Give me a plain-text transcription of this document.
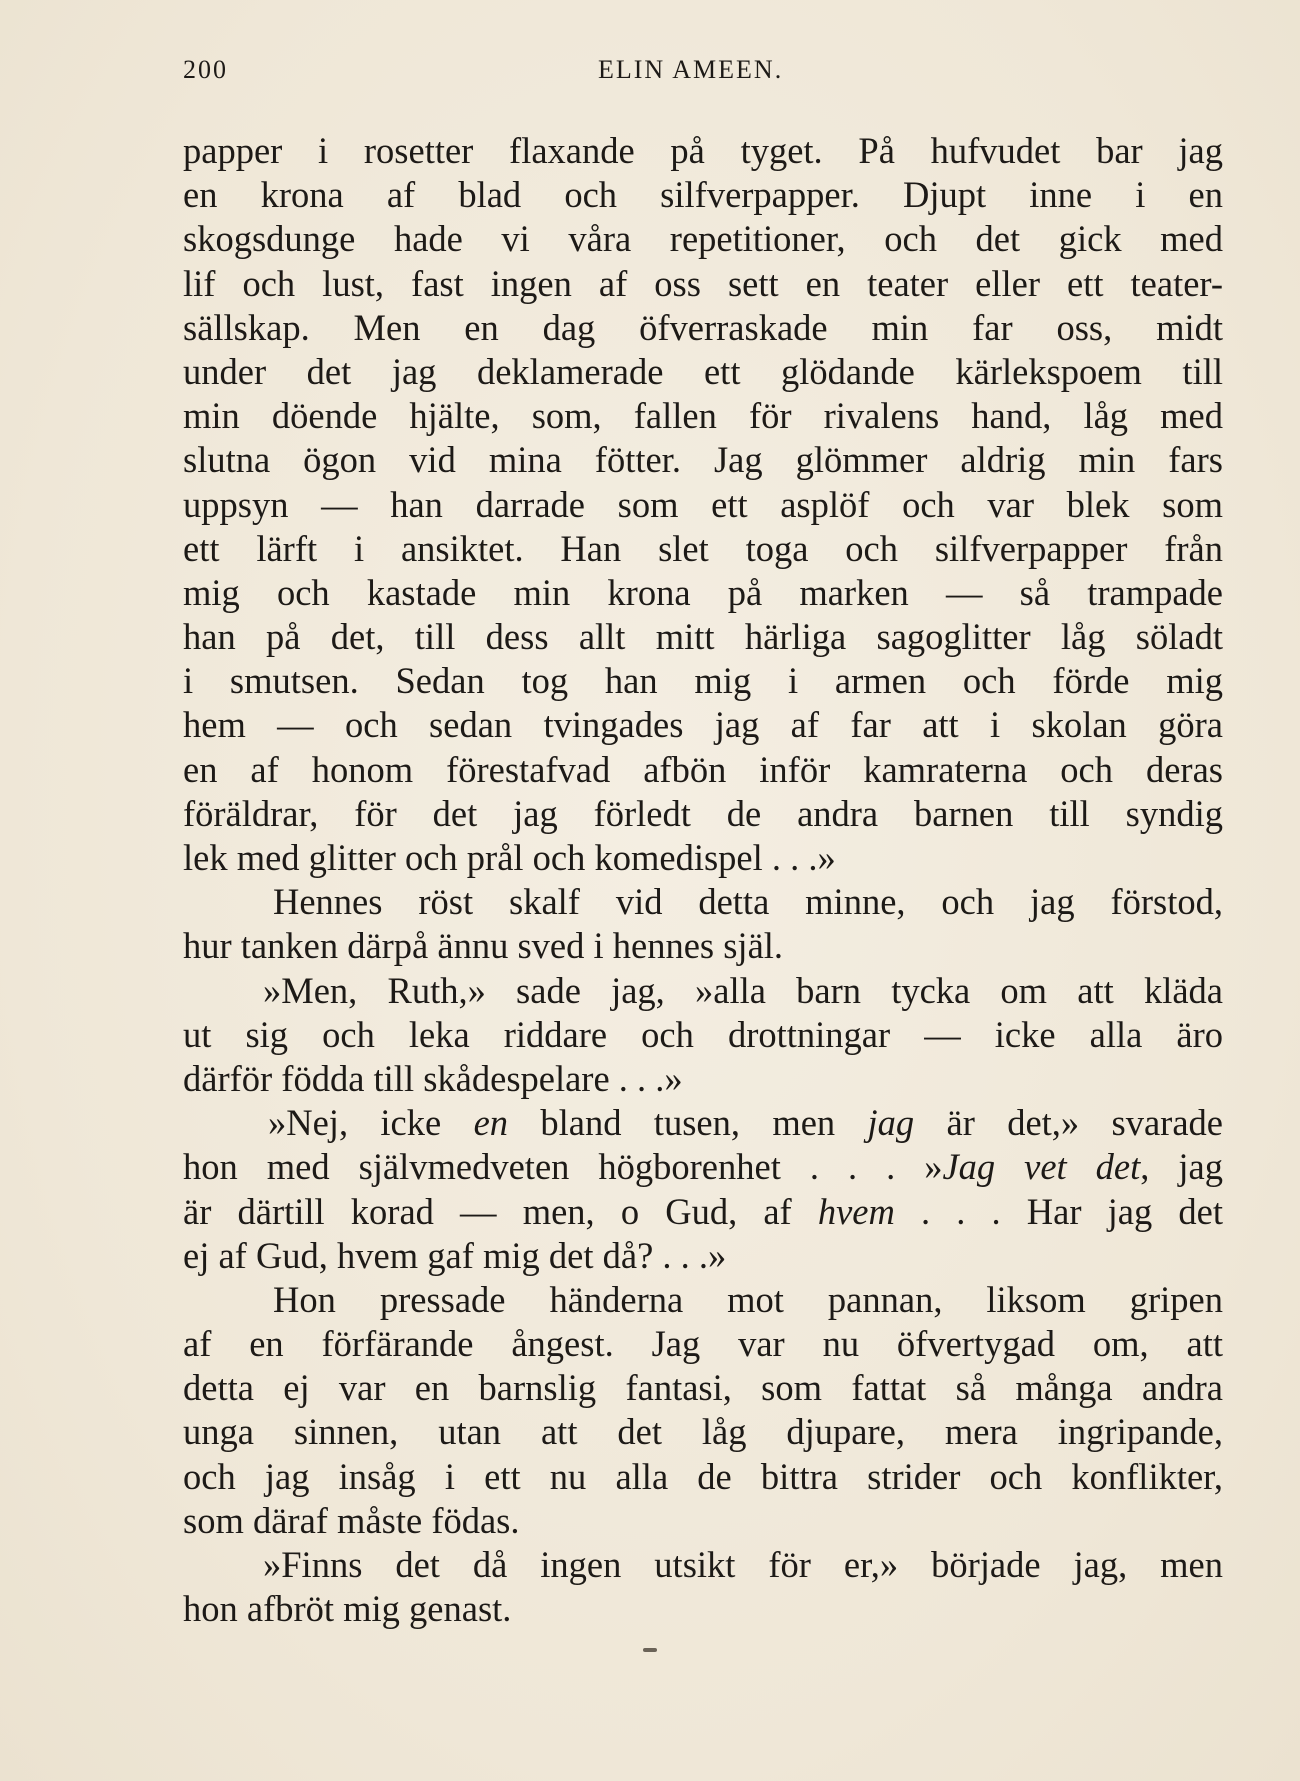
200	ELIN AMEEN.
papper i rosetter flaxande på tyget. På hufvudet bar jag
en krona af blad och silfverpapper. Djupt inne i en
skogsdunge hade vi våra repetitioner, och det gick med
lif och lust, fast ingen af oss sett en teater eller ett teater-
sällskap. Men en dag öfverraskade min far oss, midt
under det jag deklamerade ett glödande kärlekspoem till
min döende hjälte, som, fallen för rivalens hand, låg med
slutna ögon vid mina fötter. Jag glömmer aldrig min fars
uppsyn — han darrade som ett asplöf och var blek som
ett lärft i ansiktet. Han slet toga och silfverpapper från
mig och kastade min krona på marken — så trampade
han på det, till dess allt mitt härliga sagoglitter låg söladt
i smutsen. Sedan tog han mig i armen och förde mig
hem — och sedan tvingades jag af far att i skolan göra
en af honom förestafvad afbön inför kamraterna och deras
föräldrar, för det jag förledt de andra barnen till syndig
lek med glitter och prål och komedispel . . .»
Hennes röst skalf vid detta minne, och jag förstod,
hur tanken därpå ännu sved i hennes själ.
»Men, Ruth,» sade jag, »alla barn tycka om att kläda
ut sig och leka riddare och drottningar — icke alla äro
därför födda till skådespelare . . .»
»Nej, icke en bland tusen, men jag är det,» svarade
hon med självmedveten högborenhet . . . »Jag vet det, jag
är därtill korad — men, o Gud, af hvem . . . Har jag det
ej af Gud, hvem gaf mig det då? . . .»
Hon pressade händerna mot pannan, liksom gripen
af en förfärande ångest. Jag var nu öfvertygad om, att
detta ej var en barnslig fantasi, som fattat så många andra
unga sinnen, utan att det låg djupare, mera ingripande,
och jag insåg i ett nu alla de bittra strider och konflikter,
som däraf måste födas.
»Finns det då ingen utsikt för er,» började jag, men
hon afbröt mig genast.
